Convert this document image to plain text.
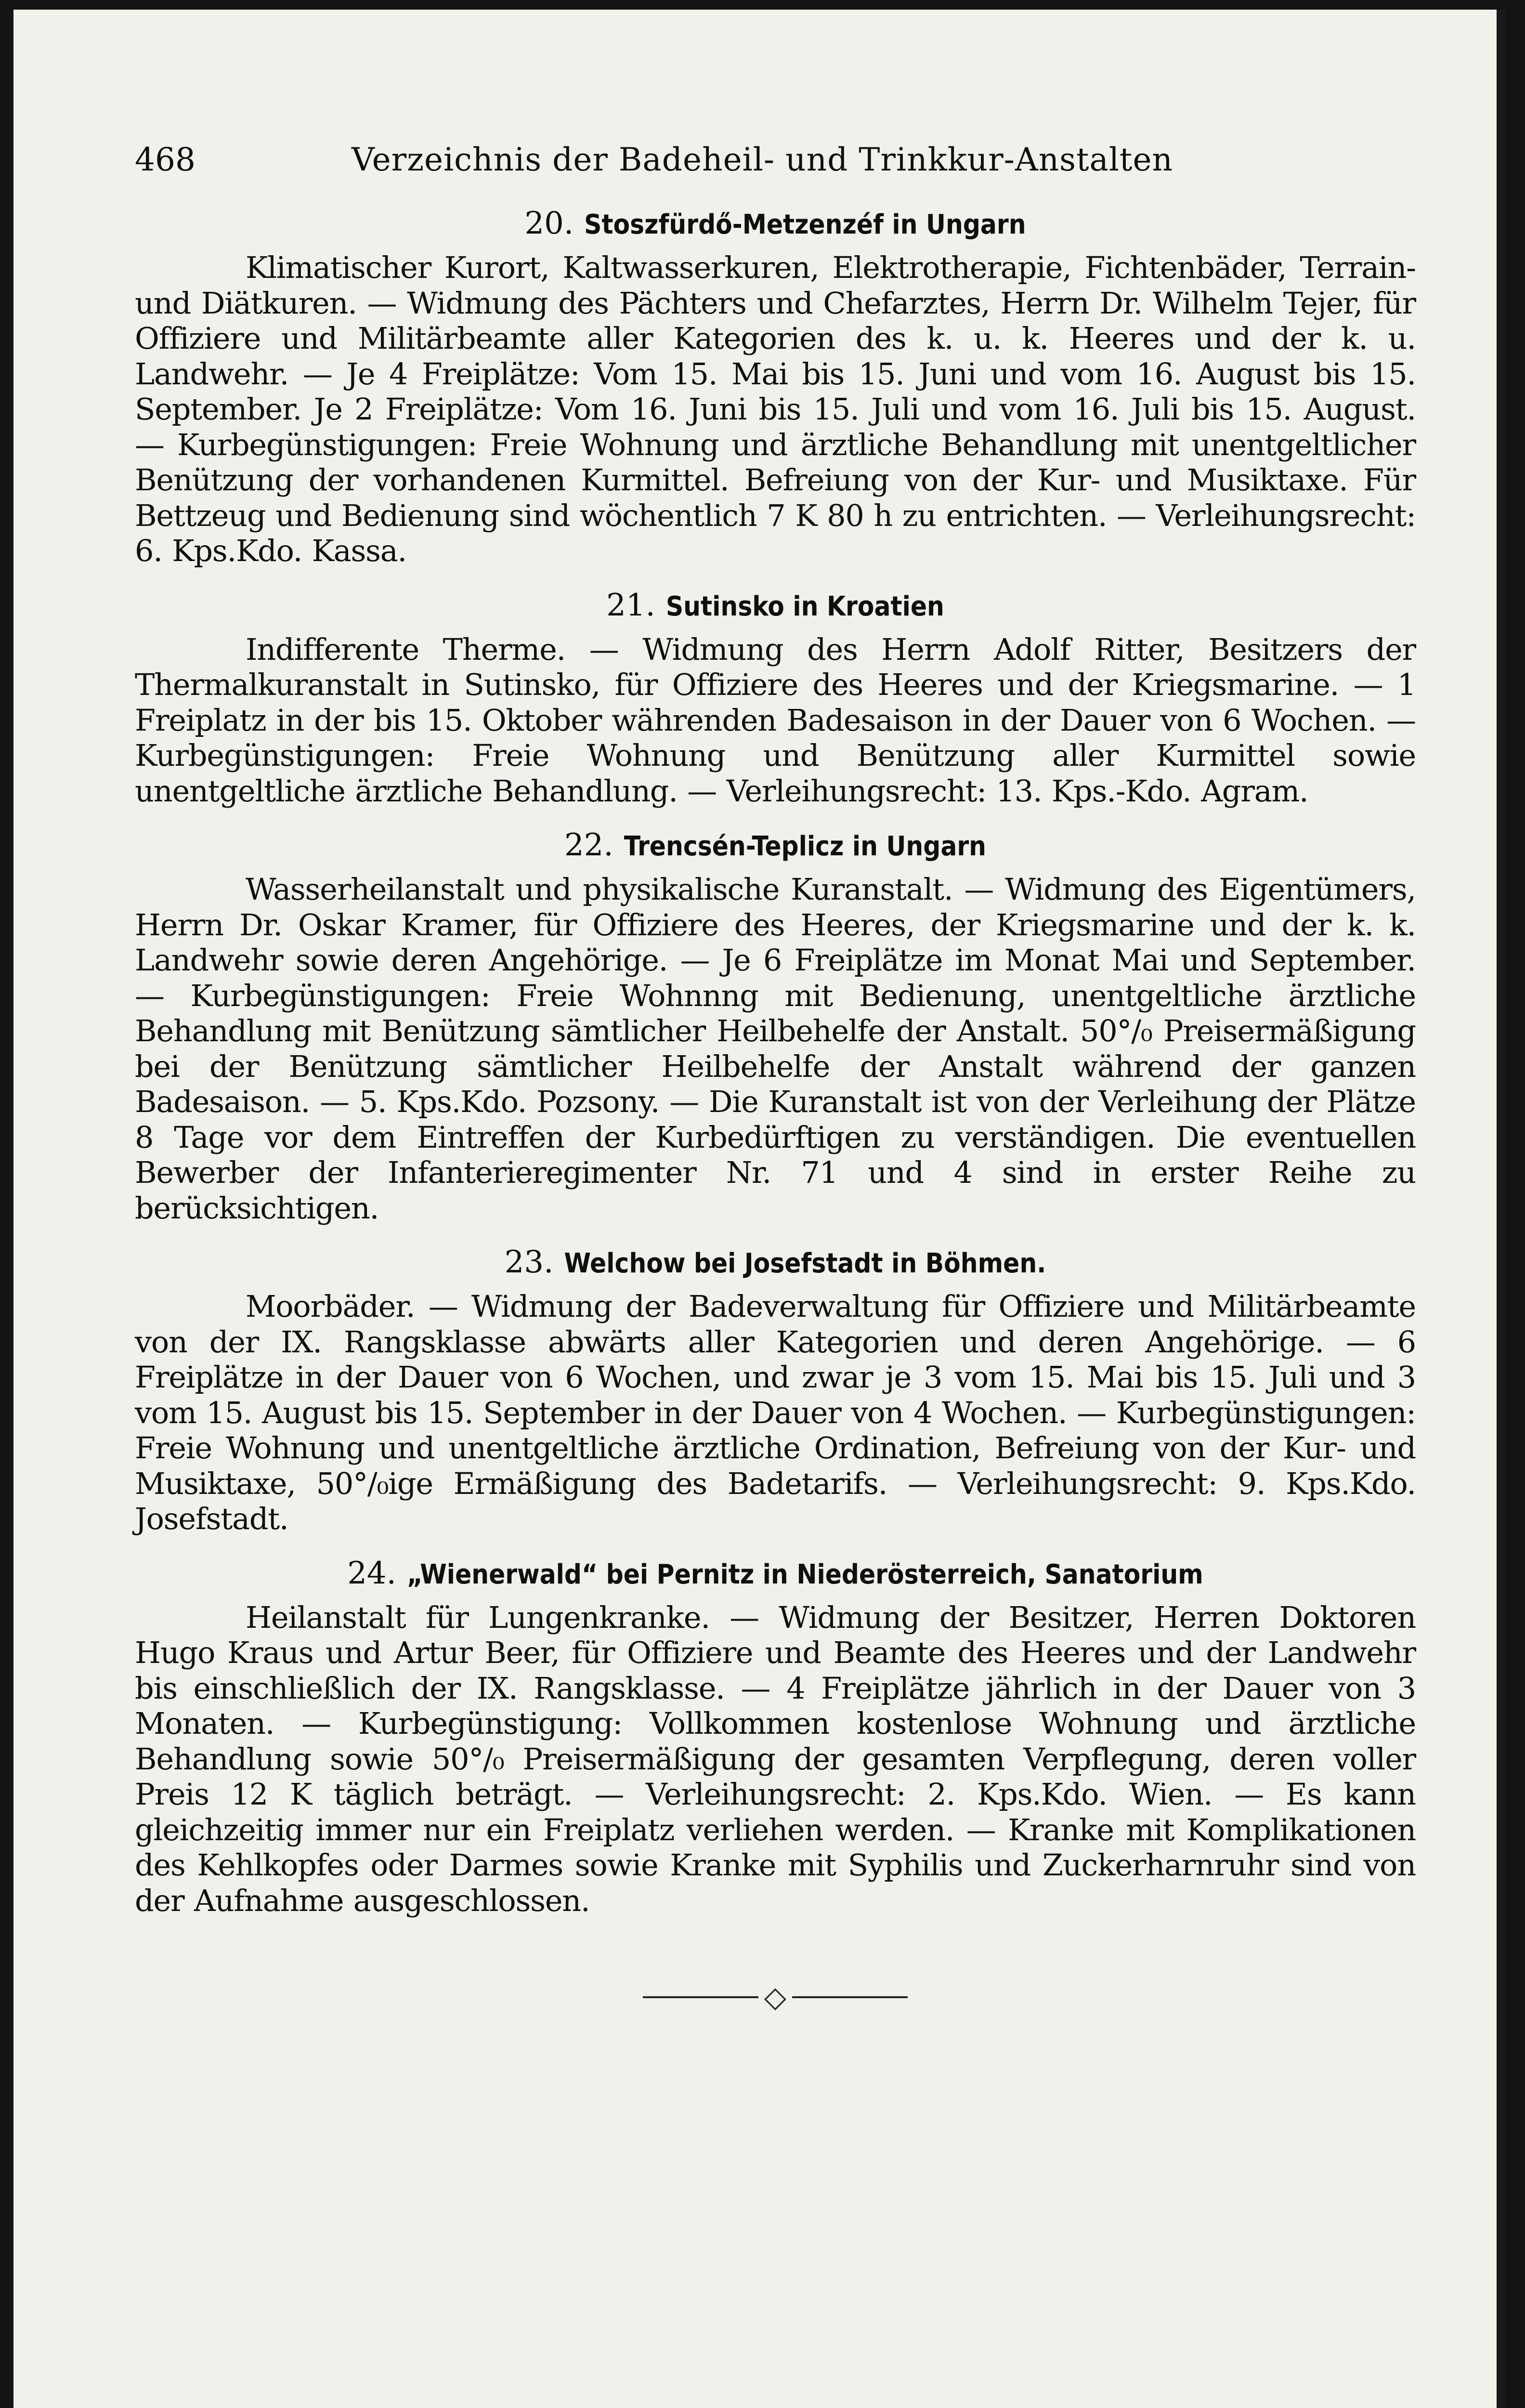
468	Verzeichnis der Badeheil- und Trinkkur-Anstalten
20. Stoszfürdő-Metzenzéf in Ungarn

Klimatischer Kurort, Kaltwasserkuren, Elektrotherapie, Fichtenbäder, Terrain- und Diätkuren. — Widmung des Pächters und Chefarztes, Herrn Dr. Wilhelm Tejer, für Offiziere und Militärbeamte aller Kategorien des k. u. k. Heeres und der k. u. Landwehr. — Je 4 Freiplätze: Vom 15. Mai bis 15. Juni und vom 16. August bis 15. September. Je 2 Freiplätze: Vom 16. Juni bis 15. Juli und vom 16. Juli bis 15. August. — Kurbegünstigungen: Freie Wohnung und ärztliche Behandlung mit unentgeltlicher Benützung der vorhandenen Kurmittel. Befreiung von der Kur- und Musiktaxe. Für Bettzeug und Bedienung sind wöchentlich 7 K 80 h zu entrichten. — Verleihungsrecht: 6. Kps.Kdo. Kassa.

21. Sutinsko in Kroatien

Indifferente Therme. — Widmung des Herrn Adolf Ritter, Besitzers der Thermalkuranstalt in Sutinsko, für Offiziere des Heeres und der Kriegsmarine. — 1 Freiplatz in der bis 15. Oktober währenden Badesaison in der Dauer von 6 Wochen. — Kurbegünstigungen: Freie Wohnung und Benützung aller Kurmittel sowie unentgeltliche ärztliche Behandlung. — Verleihungsrecht: 13. Kps.-Kdo. Agram.

22. Trencsén-Teplicz in Ungarn

Wasserheilanstalt und physikalische Kuranstalt. — Widmung des Eigentümers, Herrn Dr. Oskar Kramer, für Offiziere des Heeres, der Kriegsmarine und der k. k. Landwehr sowie deren Angehörige. — Je 6 Freiplätze im Monat Mai und September. — Kurbegünstigungen: Freie Wohnnng mit Bedienung, unentgeltliche ärztliche Behandlung mit Benützung sämtlicher Heilbehelfe der Anstalt. 50°/₀ Preisermäßigung bei der Benützung sämtlicher Heilbehelfe der Anstalt während der ganzen Badesaison. — 5. Kps.Kdo. Pozsony. — Die Kuranstalt ist von der Verleihung der Plätze 8 Tage vor dem Eintreffen der Kurbedürftigen zu verständigen. Die eventuellen Bewerber der Infanterieregimenter Nr. 71 und 4 sind in erster Reihe zu berücksichtigen.

23. Welchow bei Josefstadt in Böhmen.

Moorbäder. — Widmung der Badeverwaltung für Offiziere und Militärbeamte von der IX. Rangsklasse abwärts aller Kategorien und deren Angehörige. — 6 Freiplätze in der Dauer von 6 Wochen, und zwar je 3 vom 15. Mai bis 15. Juli und 3 vom 15. August bis 15. September in der Dauer von 4 Wochen. — Kurbegünstigungen: Freie Wohnung und unentgeltliche ärztliche Ordination, Befreiung von der Kur- und Musiktaxe, 50°/₀ige Ermäßigung des Badetarifs. — Verleihungsrecht: 9. Kps.Kdo. Josefstadt.

24. „Wienerwald“ bei Pernitz in Niederösterreich, Sanatorium

Heilanstalt für Lungenkranke. — Widmung der Besitzer, Herren Doktoren Hugo Kraus und Artur Beer, für Offiziere und Beamte des Heeres und der Landwehr bis einschließlich der IX. Rangsklasse. — 4 Freiplätze jährlich in der Dauer von 3 Monaten. — Kurbegünstigung: Vollkommen kostenlose Wohnung und ärztliche Behandlung sowie 50°/₀ Preisermäßigung der gesamten Verpflegung, deren voller Preis 12 K täglich beträgt. — Verleihungsrecht: 2. Kps.Kdo. Wien. — Es kann gleichzeitig immer nur ein Freiplatz verliehen werden. — Kranke mit Komplikationen des Kehlkopfes oder Darmes sowie Kranke mit Syphilis und Zuckerharnruhr sind von der Aufnahme ausgeschlossen.

◇
